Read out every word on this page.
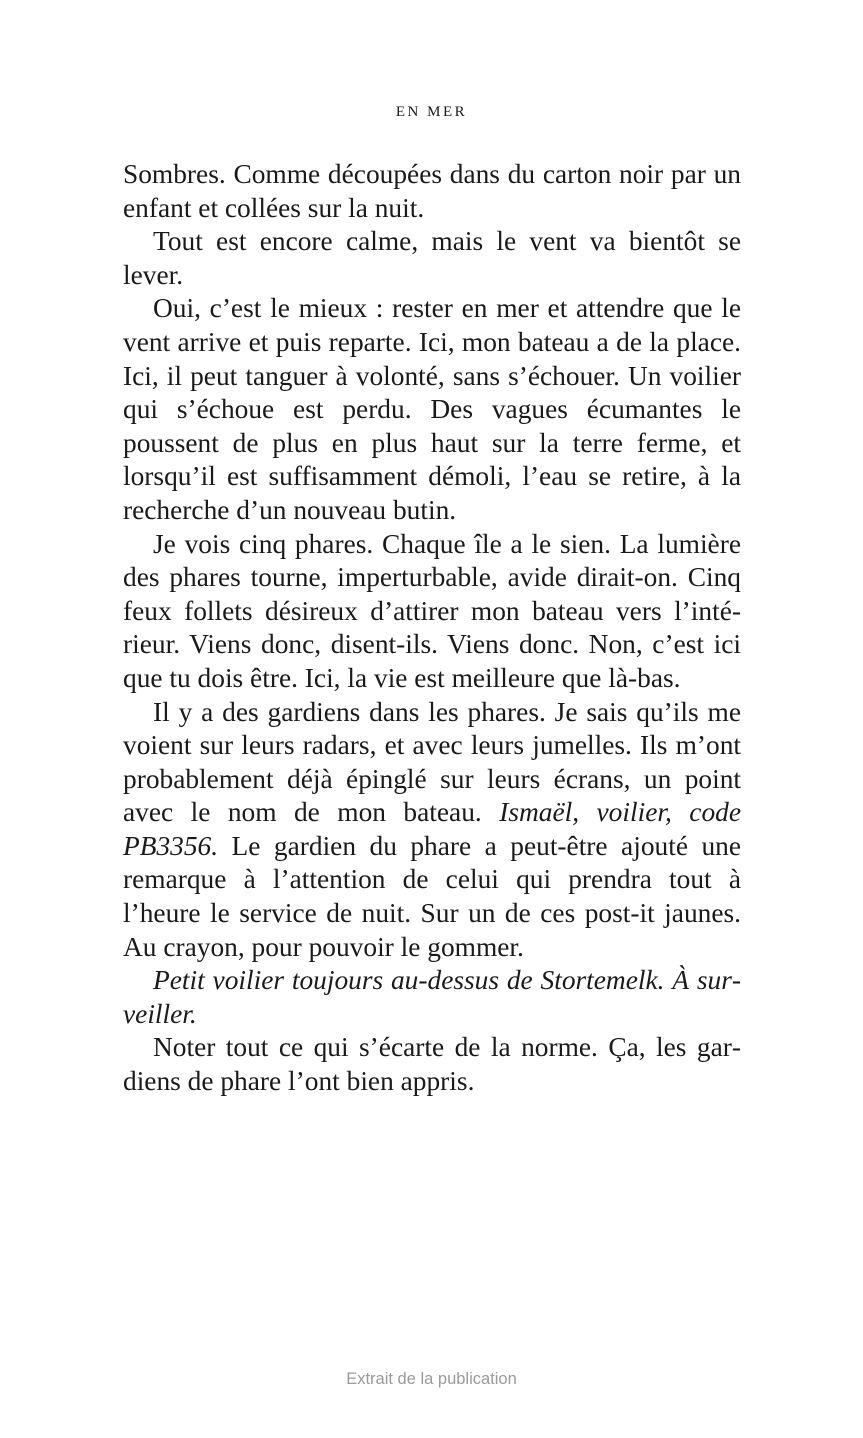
EN MER

Sombres. Comme découpées dans du carton noir par un enfant et collées sur la nuit.

Tout est encore calme, mais le vent va bientôt se lever.

Oui, c’est le mieux : rester en mer et attendre que le vent arrive et puis reparte. Ici, mon bateau a de la place. Ici, il peut tanguer à volonté, sans s’échouer. Un voilier qui s’échoue est perdu. Des vagues écumantes le poussent de plus en plus haut sur la terre ferme, et lorsqu’il est suffisamment démoli, l’eau se retire, à la recherche d’un nouveau butin.

Je vois cinq phares. Chaque île a le sien. La lumière des phares tourne, imperturbable, avide dirait-on. Cinq feux follets désireux d’attirer mon bateau vers l’intérieur. Viens donc, disent-ils. Viens donc. Non, c’est ici que tu dois être. Ici, la vie est meilleure que là-bas.

Il y a des gardiens dans les phares. Je sais qu’ils me voient sur leurs radars, et avec leurs jumelles. Ils m’ont probablement déjà épinglé sur leurs écrans, un point avec le nom de mon bateau. Ismaël, voilier, code PB3356. Le gardien du phare a peut-être ajouté une remarque à l’attention de celui qui prendra tout à l’heure le service de nuit. Sur un de ces post-it jaunes. Au crayon, pour pouvoir le gommer.

Petit voilier toujours au-dessus de Stortemelk. À surveiller.

Noter tout ce qui s’écarte de la norme. Ça, les gardiens de phare l’ont bien appris.

Extrait de la publication
